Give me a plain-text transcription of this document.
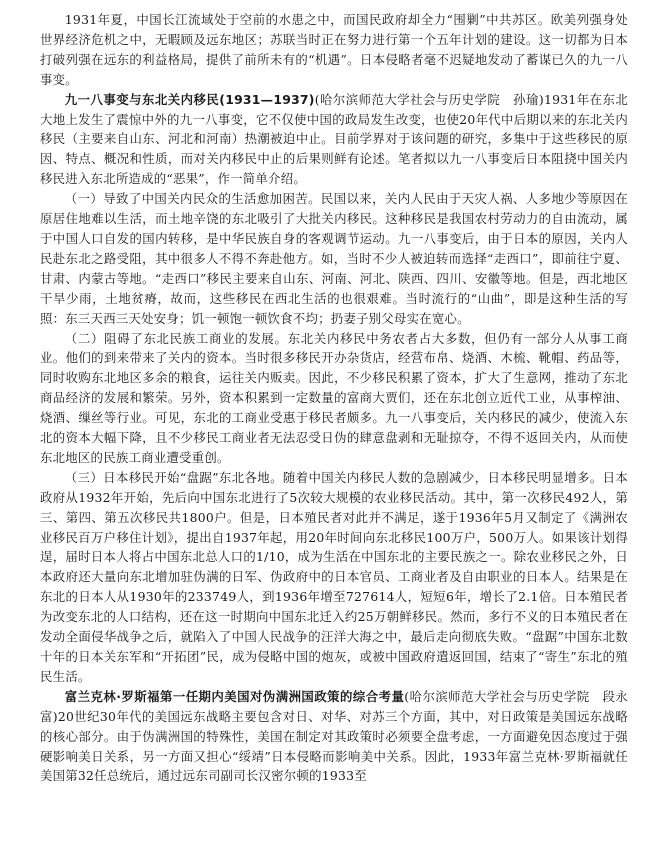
1931年夏，中国长江流域处于空前的水患之中，而国民政府却全力“围剿”中共苏区。欧美列强身处世界经济危机之中，无暇顾及远东地区；苏联当时正在努力进行第一个五年计划的建设。这一切都为日本打破列强在远东的利益格局，提供了前所未有的“机遇”。日本侵略者毫不迟疑地发动了蓄谋已久的九一八事变。

九一八事变与东北关内移民(1931—1937)(哈尔滨师范大学社会与历史学院　孙瑜)1931年在东北大地上发生了震惊中外的九一八事变，它不仅使中国的政局发生改变，也使20年代中后期以来的东北关内移民（主要来自山东、河北和河南）热潮被迫中止。目前学界对于该问题的研究，多集中于这些移民的原因、特点、概况和性质，而对关内移民中止的后果则鲜有论述。笔者拟以九一八事变后日本阻挠中国关内移民进入东北所造成的“恶果”，作一简单介绍。

（一）导致了中国关内民众的生活愈加困苦。民国以来，关内人民由于天灾人祸、人多地少等原因在原居住地难以生活，而土地辛饶的东北吸引了大批关内移民。这种移民是我国农村劳动力的自由流动，属于中国人口自发的国内转移，是中华民族自身的客观调节运动。九一八事变后，由于日本的原因，关内人民赴东北之路受阻，其中很多人不得不奔赴他方。如，当时不少人被迫转而选择“走西口”，即前往宁夏、甘肃、内蒙古等地。“走西口”移民主要来自山东、河南、河北、陕西、四川、安徽等地。但是，西北地区干旱少雨，土地贫瘠，故而，这些移民在西北生活的也很艰难。当时流行的“山曲”，即是这种生活的写照：东三天西三天处安身；饥一顿饱一顿饮食不均；扔妻子别父母实在宽心。

（二）阻碍了东北民族工商业的发展。东北关内移民中务农者占大多数，但仍有一部分人从事工商业。他们的到来带来了关内的资本。当时很多移民开办杂货店，经营布帛、烧酒、木梳、靴帽、药品等，同时收购东北地区多余的粮食，运往关内贩卖。因此，不少移民积累了资本，扩大了生意网，推动了东北商品经济的发展和繁荣。另外，资本积累到一定数量的富商大贾们，还在东北创立近代工业，从事榨油、烧酒、缫丝等行业。可见，东北的工商业受惠于移民者颇多。九一八事变后，关内移民的减少，使流入东北的资本大幅下降，且不少移民工商业者无法忍受日伪的肆意盘剥和无耻掠夺，不得不返回关内，从而使东北地区的民族工商业遭受重创。

（三）日本移民开始“盘踞”东北各地。随着中国关内移民人数的急剧减少，日本移民明显增多。日本政府从1932年开始，先后向中国东北进行了5次较大规模的农业移民活动。其中，第一次移民492人，第三、第四、第五次移民共1800户。但是，日本殖民者对此并不满足，遂于1936年5月又制定了《满洲农业移民百万户移住计划》，提出自1937年起，用20年时间向东北移民100万户，500万人。如果该计划得逞，届时日本人将占中国东北总人口的1/10，成为生活在中国东北的主要民族之一。除农业移民之外，日本政府还大量向东北增加驻伪满的日军、伪政府中的日本官员、工商业者及自由职业的日本人。结果是在东北的日本人从1930年的233749人，到1936年增至727614人，短短6年，增长了2.1倍。日本殖民者为改变东北的人口结构，还在这一时期向中国东北迁入约25万朝鲜移民。然而，多行不义的日本殖民者在发动全面侵华战争之后，就陷入了中国人民战争的汪洋大海之中，最后走向彻底失败。“盘踞”中国东北数十年的日本关东军和“开拓团”民，成为侵略中国的炮灰，或被中国政府遣返回国，结束了“寄生”东北的殖民生活。

富兰克林·罗斯福第一任期内美国对伪满洲国政策的综合考量(哈尔滨师范大学社会与历史学院　段永富)20世纪30年代的美国远东战略主要包含对日、对华、对苏三个方面，其中，对日政策是美国远东战略的核心部分。由于伪满洲国的特殊性，美国在制定对其政策时必须要全盘考虑，一方面避免因态度过于强硬影响美日关系，另一方面又担心“绥靖”日本侵略而影响美中关系。因此，1933年富兰克林·罗斯福就任美国第32任总统后，通过远东司副司长汉密尔顿的1933至
